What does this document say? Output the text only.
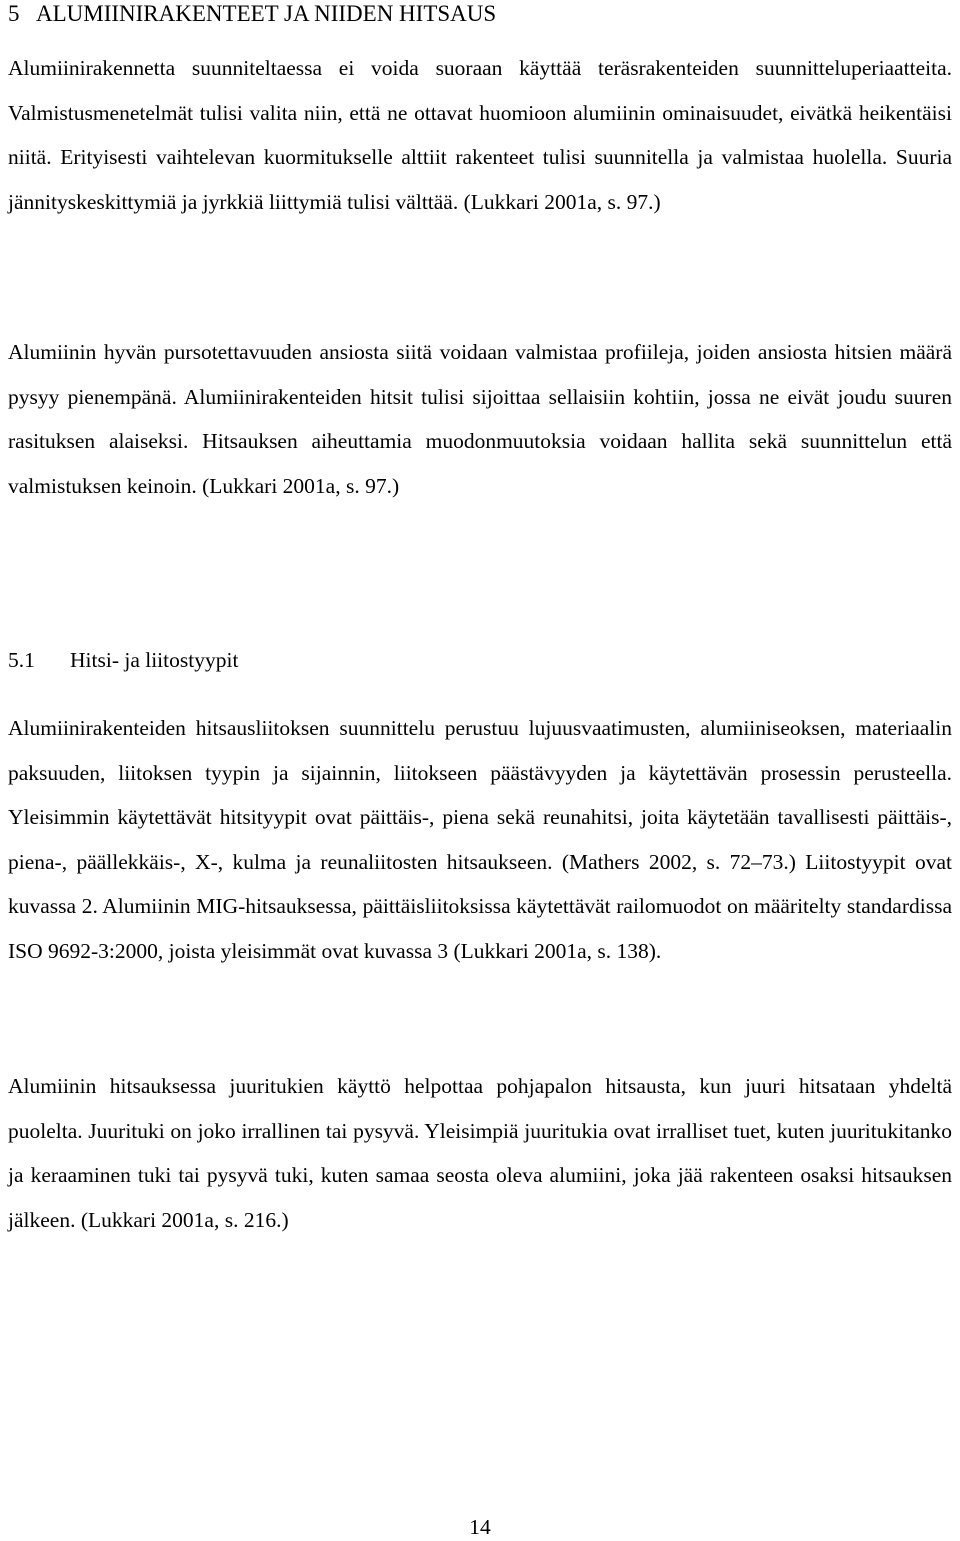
5 ALUMIINIRAKENTEET JA NIIDEN HITSAUS

Alumiinirakennetta suunniteltaessa ei voida suoraan käyttää teräsrakenteiden suunnitteluperiaatteita. Valmistusmenetelmät tulisi valita niin, että ne ottavat huomioon alumiinin ominaisuudet, eivätkä heikentäisi niitä. Erityisesti vaihtelevan kuormitukselle alttiit rakenteet tulisi suunnitella ja valmistaa huolella. Suuria jännityskeskittymiä ja jyrkkiä liittymiä tulisi välttää. (Lukkari 2001a, s. 97.)

Alumiinin hyvän pursotettavuuden ansiosta siitä voidaan valmistaa profiileja, joiden ansiosta hitsien määrä pysyy pienempänä. Alumiinirakenteiden hitsit tulisi sijoittaa sellaisiin kohtiin, jossa ne eivät joudu suuren rasituksen alaiseksi. Hitsauksen aiheuttamia muodonmuutoksia voidaan hallita sekä suunnittelun että valmistuksen keinoin. (Lukkari 2001a, s. 97.)

5.1 Hitsi- ja liitostyypit

Alumiinirakenteiden hitsausliitoksen suunnittelu perustuu lujuusvaatimusten, alumiiniseoksen, materiaalin paksuuden, liitoksen tyypin ja sijainnin, liitokseen päästävyyden ja käytettävän prosessin perusteella. Yleisimmin käytettävät hitsityypit ovat päittäis-, piena sekä reunahitsi, joita käytetään tavallisesti päittäis-, piena-, päällekkäis-, X-, kulma ja reunaliitosten hitsaukseen. (Mathers 2002, s. 72–73.) Liitostyypit ovat kuvassa 2. Alumiinin MIG-hitsauksessa, päittäisliitoksissa käytettävät railomuodot on määritelty standardissa ISO 9692-3:2000, joista yleisimmät ovat kuvassa 3 (Lukkari 2001a, s. 138).

Alumiinin hitsauksessa juuritukien käyttö helpottaa pohjapalon hitsausta, kun juuri hitsataan yhdeltä puolelta. Juurituki on joko irrallinen tai pysyvä. Yleisimpiä juuritukia ovat irralliset tuet, kuten juuritukitanko ja keraaminen tuki tai pysyvä tuki, kuten samaa seosta oleva alumiini, joka jää rakenteen osaksi hitsauksen jälkeen. (Lukkari 2001a, s. 216.)

14
